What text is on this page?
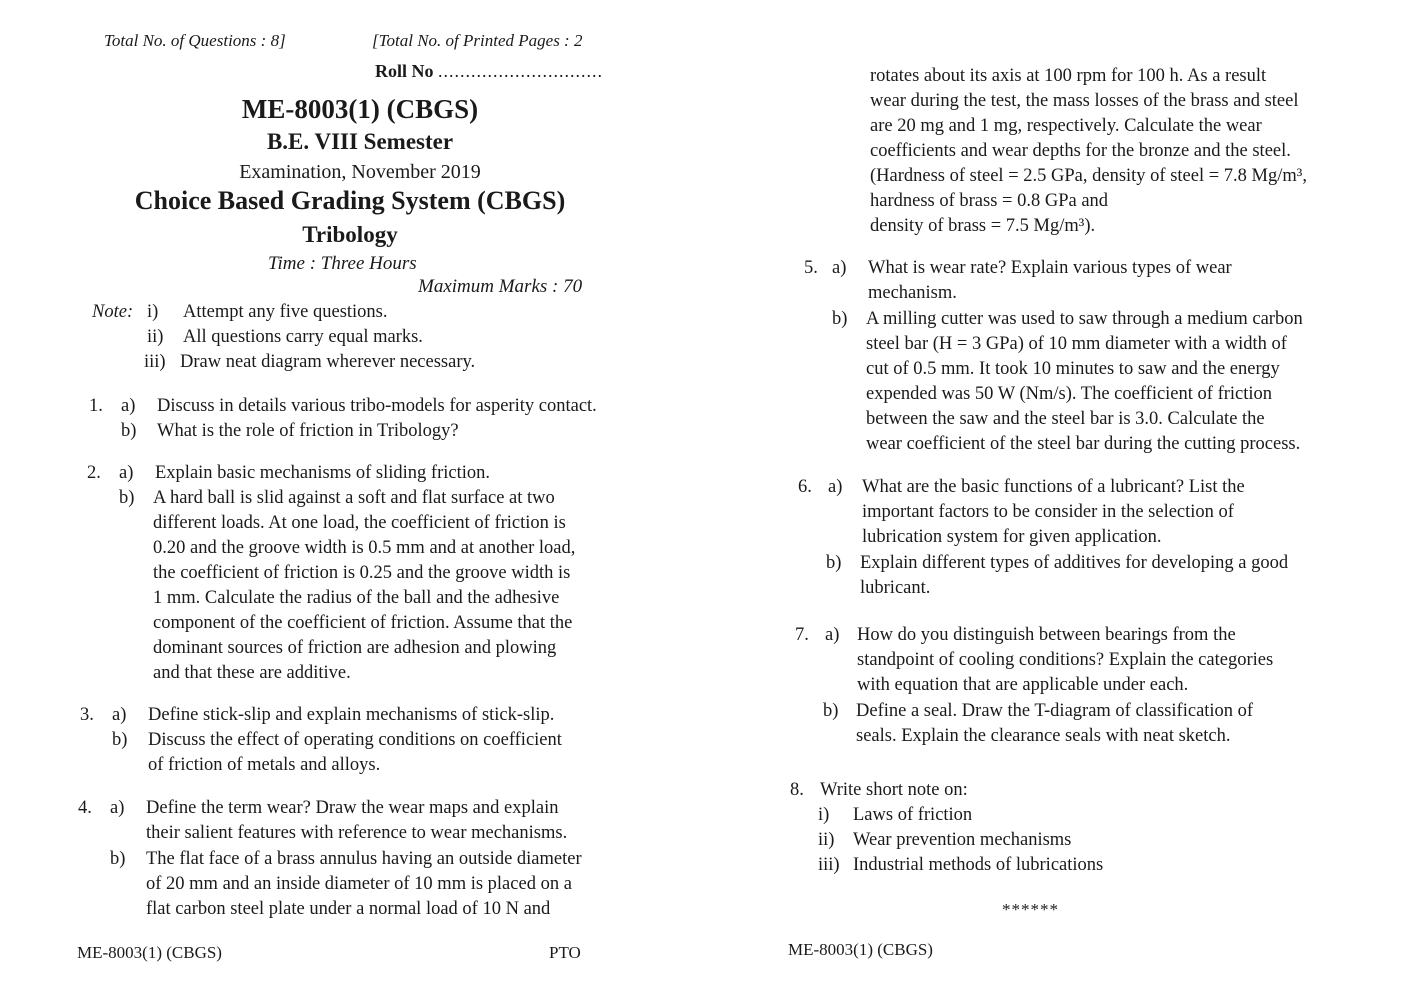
Total No. of Questions : 8]	[Total No. of Printed Pages : 2
Roll No ..............................
ME-8003(1) (CBGS)
B.E. VIII Semester
Examination, November 2019
Choice Based Grading System (CBGS)
Tribology
Time : Three Hours
Maximum Marks : 70
Note: i) Attempt any five questions.
ii) All questions carry equal marks.
iii) Draw neat diagram wherever necessary.
1. a) Discuss in details various tribo-models for asperity contact.
b) What is the role of friction in Tribology?
2. a) Explain basic mechanisms of sliding friction.
b) A hard ball is slid against a soft and flat surface at two
different loads. At one load, the coefficient of friction is
0.20 and the groove width is 0.5 mm and at another load,
the coefficient of friction is 0.25 and the groove width is
1 mm. Calculate the radius of the ball and the adhesive
component of the coefficient of friction. Assume that the
dominant sources of friction are adhesion and plowing
and that these are additive.
3. a) Define stick-slip and explain mechanisms of stick-slip.
b) Discuss the effect of operating conditions on coefficient
of friction of metals and alloys.
4. a) Define the term wear? Draw the wear maps and explain
their salient features with reference to wear mechanisms.
b) The flat face of a brass annulus having an outside diameter
of 20 mm and an inside diameter of 10 mm is placed on a
flat carbon steel plate under a normal load of 10 N and
ME-8003(1) (CBGS)	PTO
rotates about its axis at 100 rpm for 100 h. As a result
wear during the test, the mass losses of the brass and steel
are 20 mg and 1 mg, respectively. Calculate the wear
coefficients and wear depths for the bronze and the steel.
(Hardness of steel = 2.5 GPa, density of steel = 7.8 Mg/m³,
hardness of brass = 0.8 GPa and
density of brass = 7.5 Mg/m³).
5. a) What is wear rate? Explain various types of wear
mechanism.
b) A milling cutter was used to saw through a medium carbon
steel bar (H = 3 GPa) of 10 mm diameter with a width of
cut of 0.5 mm. It took 10 minutes to saw and the energy
expended was 50 W (Nm/s). The coefficient of friction
between the saw and the steel bar is 3.0. Calculate the
wear coefficient of the steel bar during the cutting process.
6. a) What are the basic functions of a lubricant? List the
important factors to be consider in the selection of
lubrication system for given application.
b) Explain different types of additives for developing a good
lubricant.
7. a) How do you distinguish between bearings from the
standpoint of cooling conditions? Explain the categories
with equation that are applicable under each.
b) Define a seal. Draw the T-diagram of classification of
seals. Explain the clearance seals with neat sketch.
8. Write short note on:
i) Laws of friction
ii) Wear prevention mechanisms
iii) Industrial methods of lubrications
******
ME-8003(1) (CBGS)
